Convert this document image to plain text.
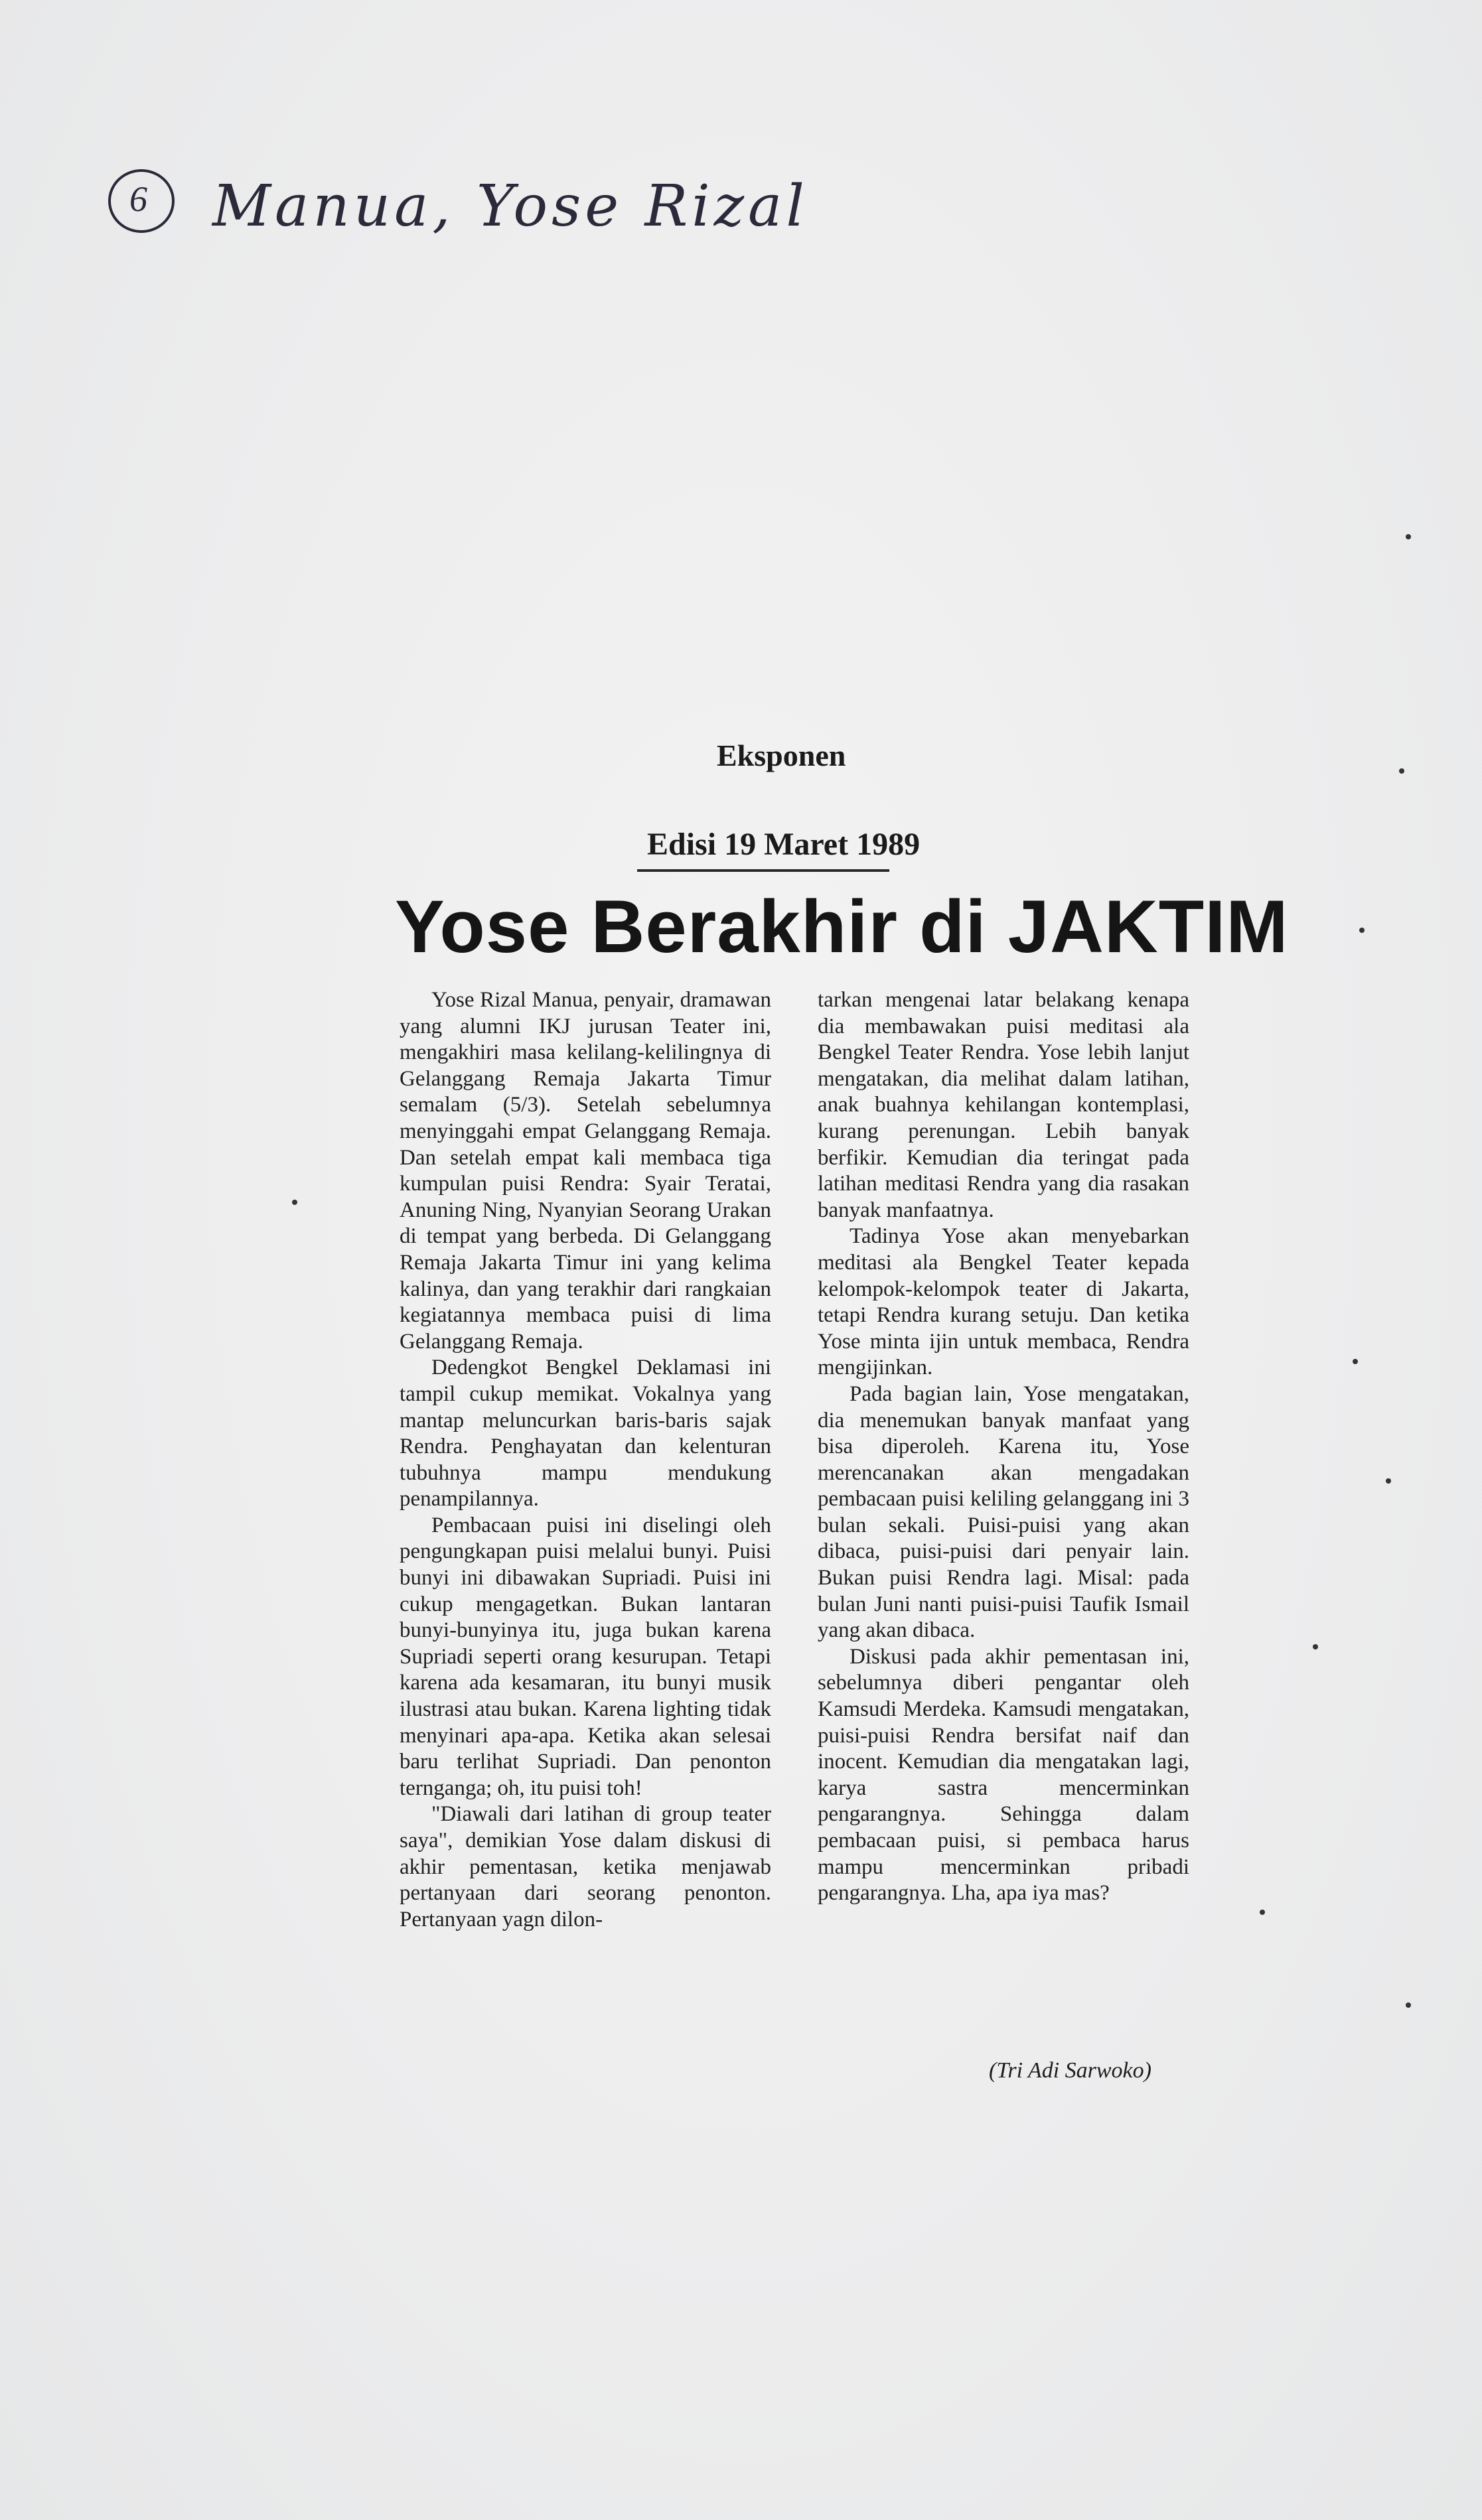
6 Manua, Yose Rizal
Eksponen
Edisi 19 Maret 1989
Yose Berakhir di JAKTIM

Yose Rizal Manua, penyair, dramawan yang alumni IKJ jurusan Teater ini, mengakhiri masa kelilang-kelilingnya di Gelanggang Remaja Jakarta Timur semalam (5/3). Setelah sebelumnya menyinggahi empat Gelanggang Remaja. Dan setelah empat kali membaca tiga kumpulan puisi Rendra: Syair Teratai, Anuning Ning, Nyanyian Seorang Urakan di tempat yang berbeda. Di Gelanggang Remaja Jakarta Timur ini yang kelima kalinya, dan yang terakhir dari rangkaian kegiatannya membaca puisi di lima Gelanggang Remaja.

Dedengkot Bengkel Deklamasi ini tampil cukup memikat. Vokalnya yang mantap meluncurkan baris-baris sajak Rendra. Penghayatan dan kelenturan tubuhnya mampu mendukung penampilannya.

Pembacaan puisi ini diselingi oleh pengungkapan puisi melalui bunyi. Puisi bunyi ini dibawakan Supriadi. Puisi ini cukup mengagetkan. Bukan lantaran bunyi-bunyinya itu, juga bukan karena Supriadi seperti orang kesurupan. Tetapi karena ada kesamaran, itu bunyi musik ilustrasi atau bukan. Karena lighting tidak menyinari apa-apa. Ketika akan selesai baru terlihat Supriadi. Dan penonton ternganga; oh, itu puisi toh!

"Diawali dari latihan di group teater saya", demikian Yose dalam diskusi di akhir pementasan, ketika menjawab pertanyaan dari seorang penonton. Pertanyaan yagn dilon-

tarkan mengenai latar belakang kenapa dia membawakan puisi meditasi ala Bengkel Teater Rendra. Yose lebih lanjut mengatakan, dia melihat dalam latihan, anak buahnya kehilangan kontemplasi, kurang perenungan. Lebih banyak berfikir. Kemudian dia teringat pada latihan meditasi Rendra yang dia rasakan banyak manfaatnya.

Tadinya Yose akan menyebarkan meditasi ala Bengkel Teater kepada kelompok-kelompok teater di Jakarta, tetapi Rendra kurang setuju. Dan ketika Yose minta ijin untuk membaca, Rendra mengijinkan.

Pada bagian lain, Yose mengatakan, dia menemukan banyak manfaat yang bisa diperoleh. Karena itu, Yose merencanakan akan mengadakan pembacaan puisi keliling gelanggang ini 3 bulan sekali. Puisi-puisi yang akan dibaca, puisi-puisi dari penyair lain. Bukan puisi Rendra lagi. Misal: pada bulan Juni nanti puisi-puisi Taufik Ismail yang akan dibaca.

Diskusi pada akhir pementasan ini, sebelumnya diberi pengantar oleh Kamsudi Merdeka. Kamsudi mengatakan, puisi-puisi Rendra bersifat naif dan inocent. Kemudian dia mengatakan lagi, karya sastra mencerminkan pengarangnya. Sehingga dalam pembacaan puisi, si pembaca harus mampu mencerminkan pribadi pengarangnya. Lha, apa iya mas?

(Tri Adi Sarwoko)
